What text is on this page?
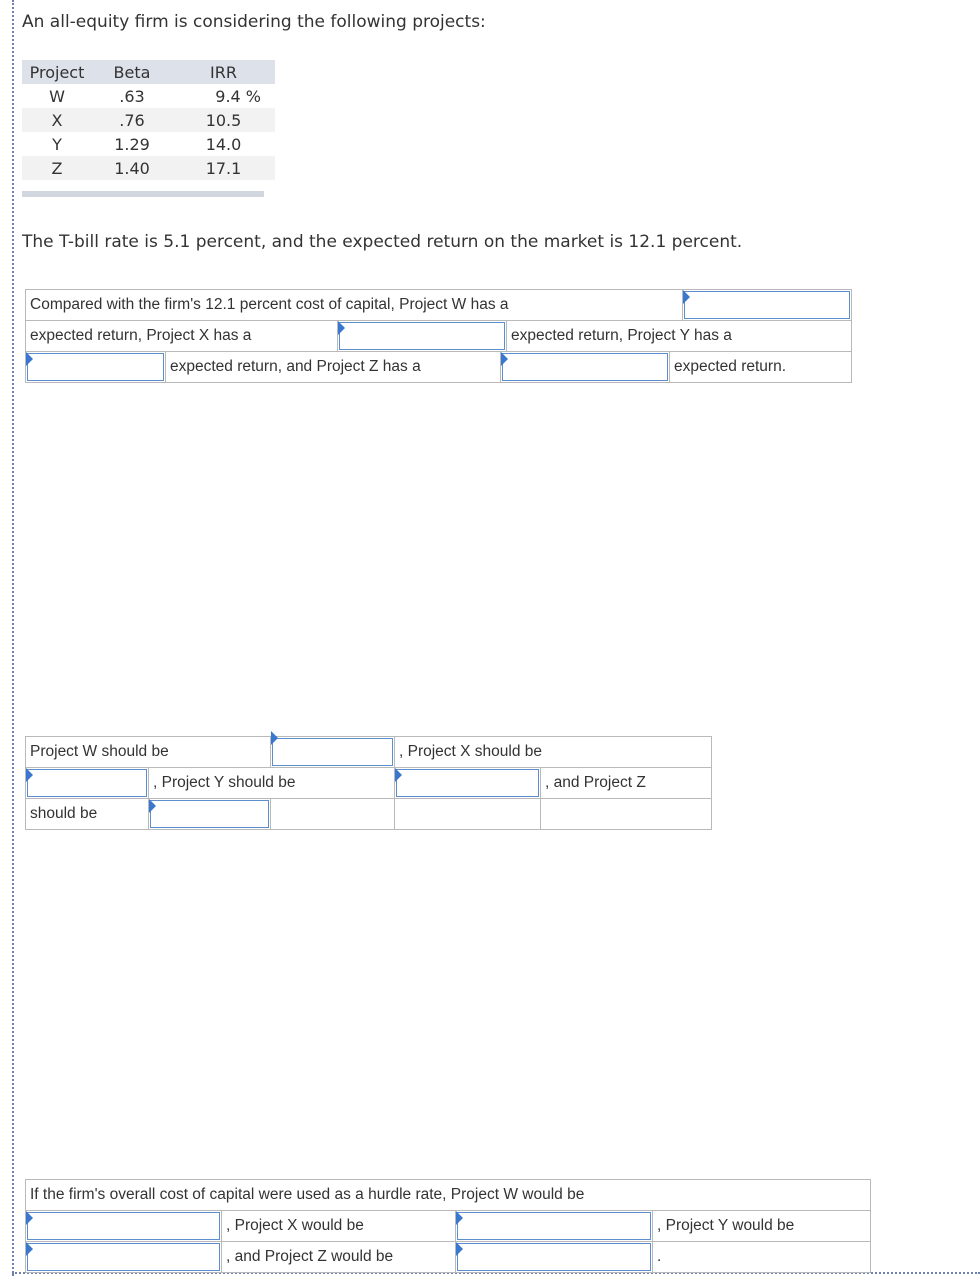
An all-equity firm is considering the following projects:
Project	Beta	IRR
W	.63	9.4 %
X	.76	10.5
Y	1.29	14.0
Z	1.40	17.1
The T-bill rate is 5.1 percent, and the expected return on the market is 12.1 percent.
Compared with the firm's 12.1 percent cost of capital, Project W has a	

expected return, Project X has a		expected return, Project Y has a

	expected return, and Project Z has a		expected return.
Project W should be			, Project X should be	

	, Project Y should be			, and Project Z
should be	

If the firm's overall cost of capital were used as a hurdle rate, Project W would be			

	, Project X would be		, Project Y would be

	, and Project Z would be		.
